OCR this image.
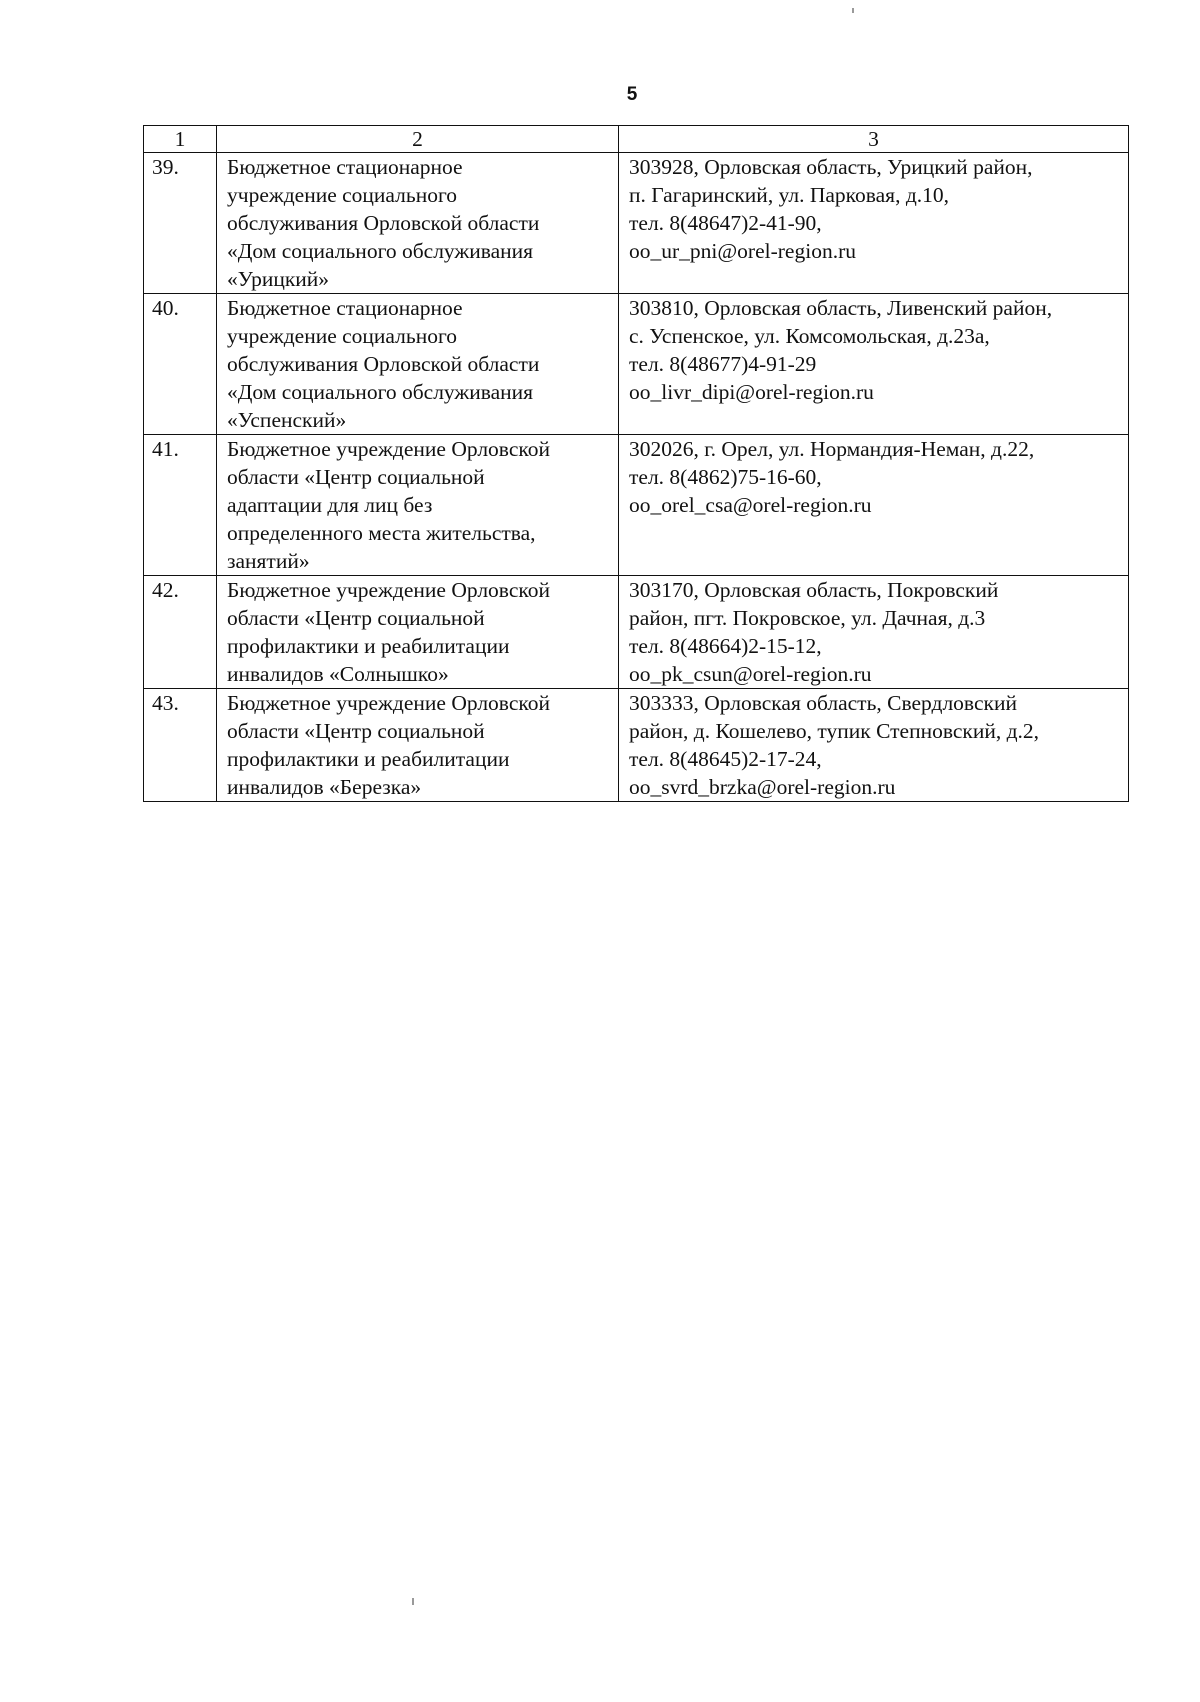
5
1	2	3
39.	Бюджетное стационарное
учреждение социального
обслуживания Орловской области
«Дом социального обслуживания
«Урицкий»	303928, Орловская область, Урицкий район,
п. Гагаринский, ул. Парковая, д.10,
тел. 8(48647)2-41-90,
oo_ur_pni@orel-region.ru

40.	Бюджетное стационарное
учреждение социального
обслуживания Орловской области
«Дом социального обслуживания
«Успенский»	303810, Орловская область, Ливенский район,
с. Успенское, ул. Комсомольская, д.23а,
тел. 8(48677)4-91-29
oo_livr_dipi@orel-region.ru

41.	Бюджетное учреждение Орловской
области «Центр социальной
адаптации для лиц без
определенного места жительства,
занятий»	302026, г. Орел, ул. Нормандия-Неман, д.22,
тел. 8(4862)75-16-60,
oo_orel_csa@orel-region.ru

42.	Бюджетное учреждение Орловской
области «Центр социальной
профилактики и реабилитации
инвалидов «Солнышко»	303170, Орловская область, Покровский
район, пгт. Покровское, ул. Дачная, д.3
тел. 8(48664)2-15-12,
oo_pk_csun@orel-region.ru

43.	Бюджетное учреждение Орловской
области «Центр социальной
профилактики и реабилитации
инвалидов «Березка»	303333, Орловская область, Свердловский
район, д. Кошелево, тупик Степновский, д.2,
тел. 8(48645)2-17-24,
oo_svrd_brzka@orel-region.ru
